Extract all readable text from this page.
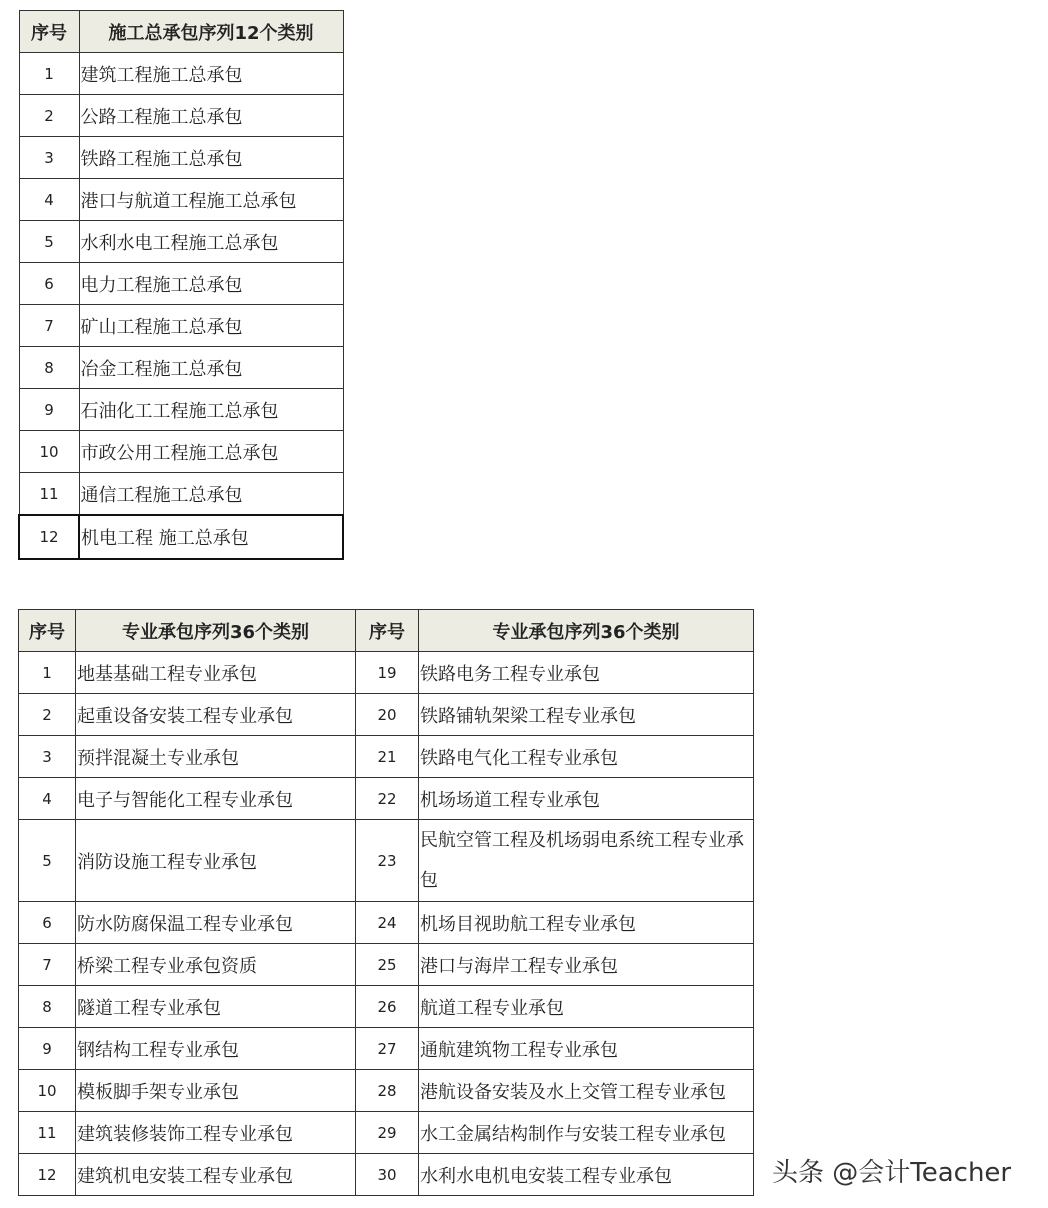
序号	施工总承包序列12个类别
1	建筑工程施工总承包
2	公路工程施工总承包
3	铁路工程施工总承包
4	港口与航道工程施工总承包
5	水利水电工程施工总承包
6	电力工程施工总承包
7	矿山工程施工总承包
8	冶金工程施工总承包
9	石油化工工程施工总承包
10	市政公用工程施工总承包
11	通信工程施工总承包
12	机电工程 施工总承包
序号	专业承包序列36个类别	序号	专业承包序列36个类别
1	地基基础工程专业承包	19	铁路电务工程专业承包
2	起重设备安装工程专业承包	20	铁路铺轨架梁工程专业承包
3	预拌混凝土专业承包	21	铁路电气化工程专业承包
4	电子与智能化工程专业承包	22	机场场道工程专业承包
5	消防设施工程专业承包	23	民航空管工程及机场弱电系统工程专业承包
6	防水防腐保温工程专业承包	24	机场目视助航工程专业承包
7	桥梁工程专业承包资质	25	港口与海岸工程专业承包
8	隧道工程专业承包	26	航道工程专业承包
9	钢结构工程专业承包	27	通航建筑物工程专业承包
10	模板脚手架专业承包	28	港航设备安装及水上交管工程专业承包
11	建筑装修装饰工程专业承包	29	水工金属结构制作与安装工程专业承包
12	建筑机电安装工程专业承包	30	水利水电机电安装工程专业承包	头条 @会计Teacher
